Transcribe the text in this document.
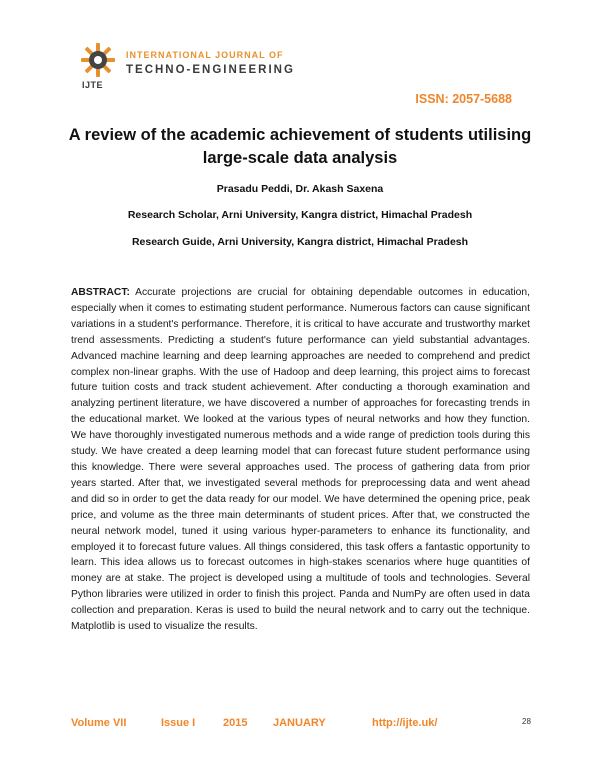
IJTE
INTERNATIONAL JOURNAL OF
TECHNO-ENGINEERING
ISSN: 2057-5688
A review of the academic achievement of students utilising large-scale data analysis
Prasadu Peddi, Dr. Akash Saxena
Research Scholar, Arni University, Kangra district, Himachal Pradesh
Research Guide, Arni University, Kangra district, Himachal Pradesh
ABSTRACT: Accurate projections are crucial for obtaining dependable outcomes in education, especially when it comes to estimating student performance. Numerous factors can cause significant variations in a student's performance. Therefore, it is critical to have accurate and trustworthy market trend assessments. Predicting a student's future performance can yield substantial advantages. Advanced machine learning and deep learning approaches are needed to comprehend and predict complex non-linear graphs. With the use of Hadoop and deep learning, this project aims to forecast future tuition costs and track student achievement. After conducting a thorough examination and analyzing pertinent literature, we have discovered a number of approaches for forecasting trends in the educational market. We looked at the various types of neural networks and how they function. We have thoroughly investigated numerous methods and a wide range of prediction tools during this study. We have created a deep learning model that can forecast future student performance using this knowledge. There were several approaches used. The process of gathering data from prior years started. After that, we investigated several methods for preprocessing data and went ahead and did so in order to get the data ready for our model. We have determined the opening price, peak price, and volume as the three main determinants of student prices. After that, we constructed the neural network model, tuned it using various hyper-parameters to enhance its functionality, and employed it to forecast future values. All things considered, this task offers a fantastic opportunity to learn. This idea allows us to forecast outcomes in high-stakes scenarios where huge quantities of money are at stake. The project is developed using a multitude of tools and technologies. Several Python libraries were utilized in order to finish this project. Panda and NumPy are often used in data collection and preparation. Keras is used to build the neural network and to carry out the technique. Matplotlib is used to visualize the results.
Volume VII	Issue I	2015 JANUARY	http://ijte.uk/	28
